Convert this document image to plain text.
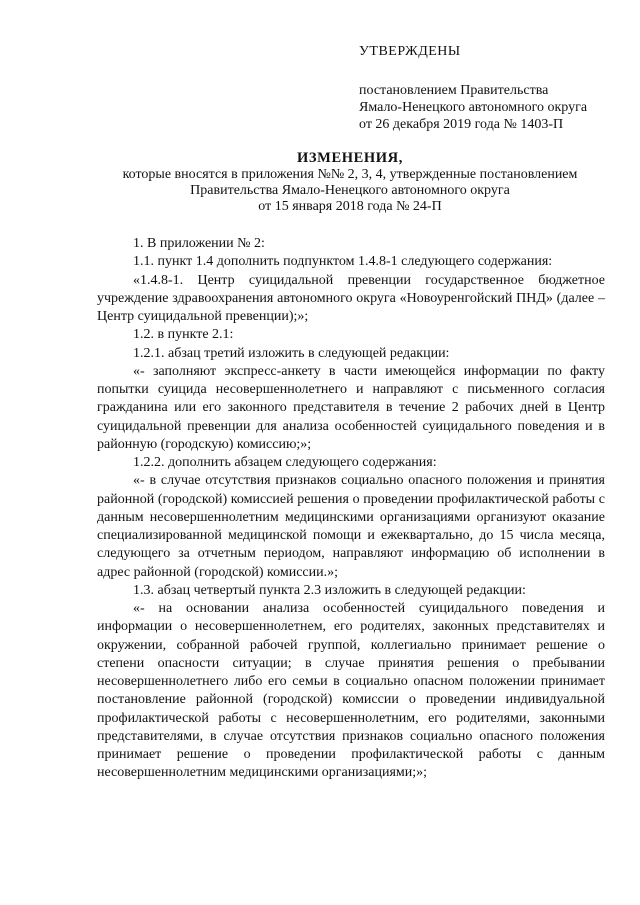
УТВЕРЖДЕНЫ

постановлением Правительства

Ямало-Ненецкого автономного округа

от 26 декабря 2019 года № 1403-П

ИЗМЕНЕНИЯ,

которые вносятся в приложения №№ 2, 3, 4, утвержденные постановлением

Правительства Ямало-Ненецкого автономного округа

от 15 января 2018 года № 24-П

1. В приложении № 2:

1.1. пункт 1.4 дополнить подпунктом 1.4.8-1 следующего содержания:

«1.4.8-1. Центр суицидальной превенции государственное бюджетное учреждение здравоохранения автономного округа «Новоуренгойский ПНД» (далее – Центр суицидальной превенции);»;

1.2. в пункте 2.1:

1.2.1. абзац третий изложить в следующей редакции:

«- заполняют экспресс-анкету в части имеющейся информации по факту попытки суицида несовершеннолетнего и направляют с письменного согласия гражданина или его законного представителя в течение 2 рабочих дней в Центр суицидальной превенции для анализа особенностей суицидального поведения и в районную (городскую) комиссию;»;

1.2.2. дополнить абзацем следующего содержания:

«- в случае отсутствия признаков социально опасного положения и принятия районной (городской) комиссией решения о проведении профилактической работы с данным несовершеннолетним медицинскими организациями организуют оказание специализированной медицинской помощи и ежеквартально, до 15 числа месяца, следующего за отчетным периодом, направляют информацию об исполнении в адрес районной (городской) комиссии.»;

1.3. абзац четвертый пункта 2.3 изложить в следующей редакции:

«- на основании анализа особенностей суицидального поведения и информации о несовершеннолетнем, его родителях, законных представителях и окружении, собранной рабочей группой, коллегиально принимает решение о степени опасности ситуации; в случае принятия решения о пребывании несовершеннолетнего либо его семьи в социально опасном положении принимает постановление районной (городской) комиссии о проведении индивидуальной профилактической работы с несовершеннолетним, его родителями, законными представителями, в случае отсутствия признаков социально опасного положения принимает решение о проведении профилактической работы с данным несовершеннолетним медицинскими организациями;»;
